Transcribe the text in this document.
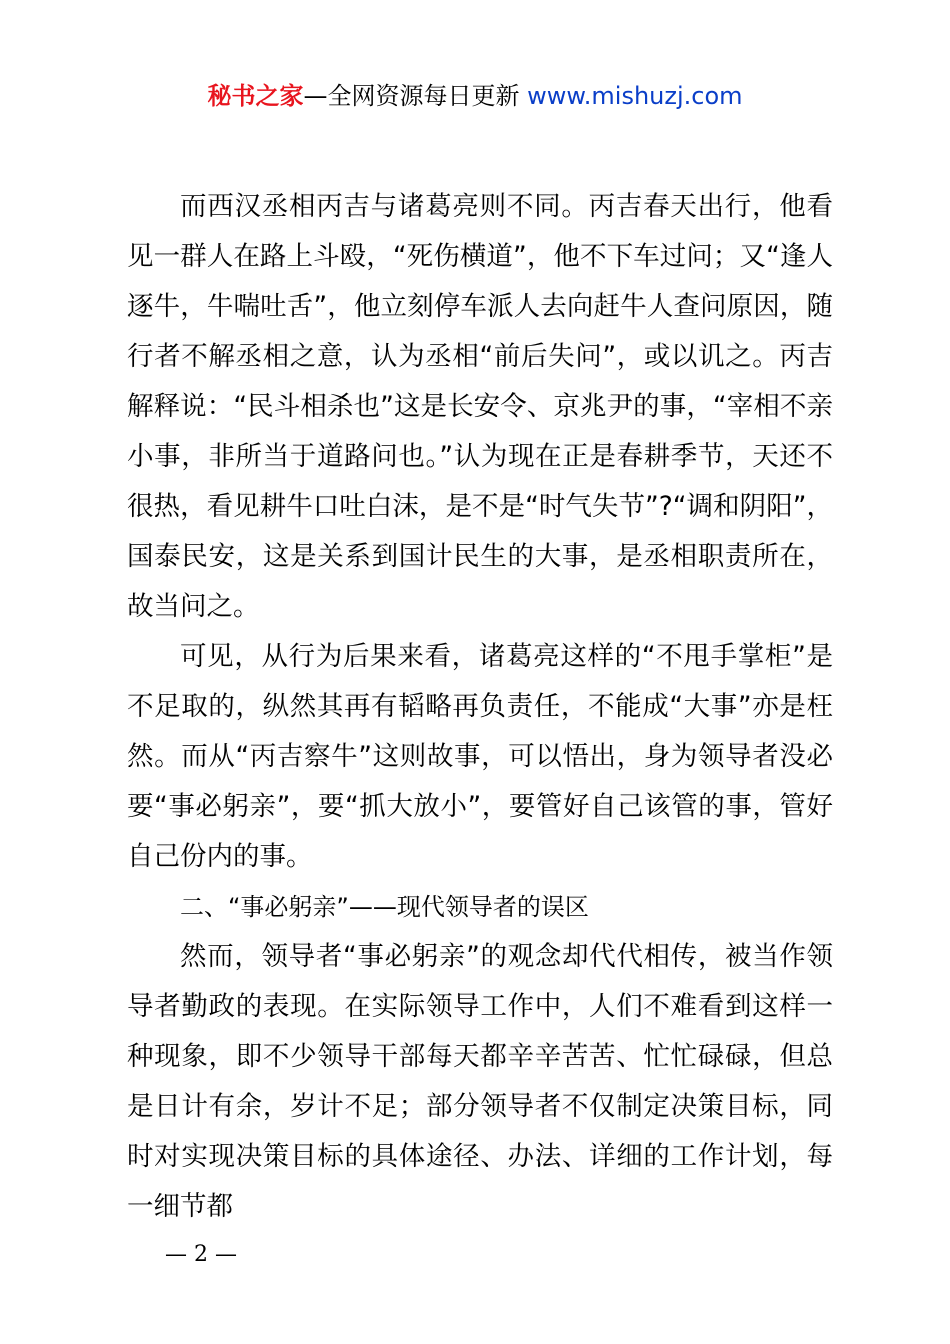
秘书之家—全网资源每日更新 www.mishuzj.com

而西汉丞相丙吉与诸葛亮则不同。丙吉春天出行，他看见一群人在路上斗殴，“死伤横道”，他不下车过问；又“逢人逐牛，牛喘吐舌”，他立刻停车派人去向赶牛人查问原因，随行者不解丞相之意，认为丞相“前后失问”，或以讥之。丙吉解释说：“民斗相杀也”这是长安令、京兆尹的事，“宰相不亲小事，非所当于道路问也。”认为现在正是春耕季节，天还不很热，看见耕牛口吐白沫，是不是“时气失节”?“调和阴阳”，国泰民安，这是关系到国计民生的大事，是丞相职责所在，故当问之。

可见，从行为后果来看，诸葛亮这样的“不甩手掌柜”是不足取的，纵然其再有韬略再负责任，不能成“大事”亦是枉然。而从“丙吉察牛”这则故事，可以悟出，身为领导者没必要“事必躬亲”，要“抓大放小”，要管好自己该管的事，管好自己份内的事。

二、“事必躬亲”——现代领导者的误区

然而，领导者“事必躬亲”的观念却代代相传，被当作领导者勤政的表现。在实际领导工作中，人们不难看到这样一种现象，即不少领导干部每天都辛辛苦苦、忙忙碌碌，但总是日计有余，岁计不足；部分领导者不仅制定决策目标，同时对实现决策目标的具体途径、办法、详细的工作计划，每一细节都

— 2 —
